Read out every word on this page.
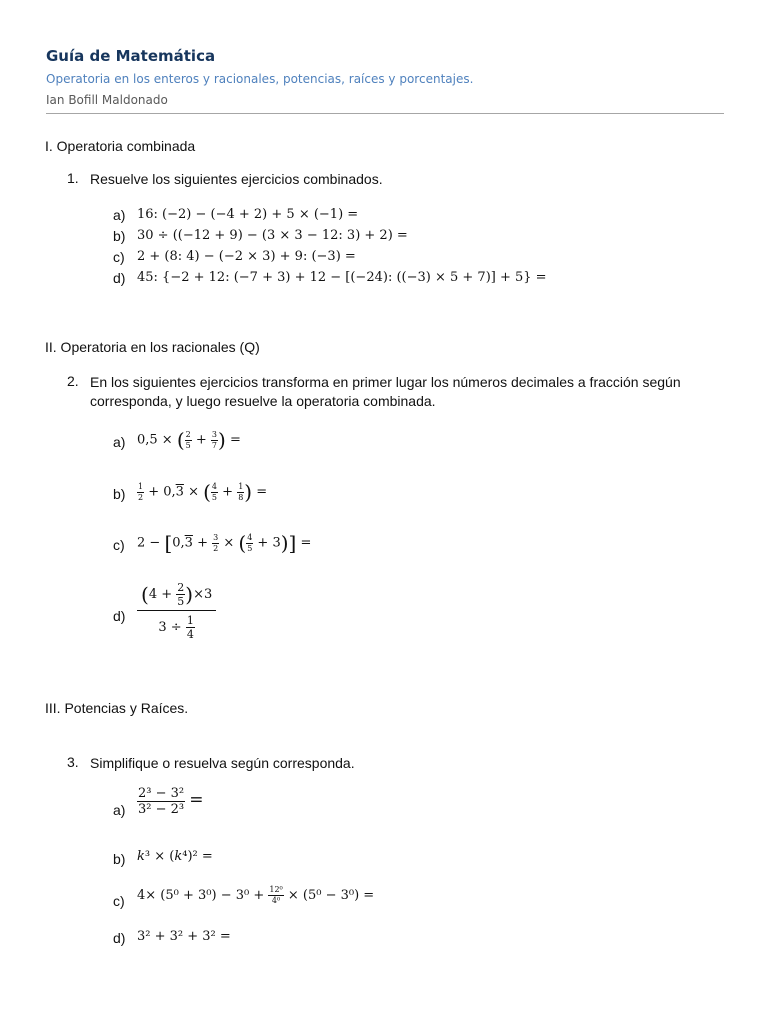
Guía de Matemática
Operatoria en los enteros y racionales, potencias, raíces y porcentajes.
Ian Bofill Maldonado
I. Operatoria combinada
1. Resuelve los siguientes ejercicios combinados.
a) 16: (−2) − (−4 + 2) + 5 × (−1) =
b) 30 ÷ ((−12 + 9) − (3 × 3 − 12: 3) + 2) =
c) 2 + (8: 4) − (−2 × 3) + 9: (−3) =
d) 45: {−2 + 12: (−7 + 3) + 12 − [(−24): ((−3) × 5 + 7)] + 5} =
II. Operatoria en los racionales (Q)
2. En los siguientes ejercicios transforma en primer lugar los números decimales a fracción según corresponda, y luego resuelve la operatoria combinada.
a) 0,5 × ( $\frac{2}{5} + \frac{3}{7}$ ) =
$b) \frac{1}{2} + 0,3$ × ( $\frac{4}{5} + \frac{1}{8}$ ) =
c) $2 - [0,3 + \frac{3}{2}$ × ( $\frac{4}{5} + 3$)] =
$d) \frac{(4 + \frac{2}{5} )\times 3}{3 \div \frac{1}{4}}$
III. Potencias y Raíces.
3. Simplifique o resuelva según corresponda.
$a) \frac{\text{2³ − 3²}}{\text{3² − 2³}}$ =
b) k³ × (k⁴)² =
c) $4\times (5^0 + 3^0) - 3^0 + \frac{\text{12⁰}}{\text{4⁰}} \times (5^0 - 3^0)$ =
d) 3² + 3² + 3² =
